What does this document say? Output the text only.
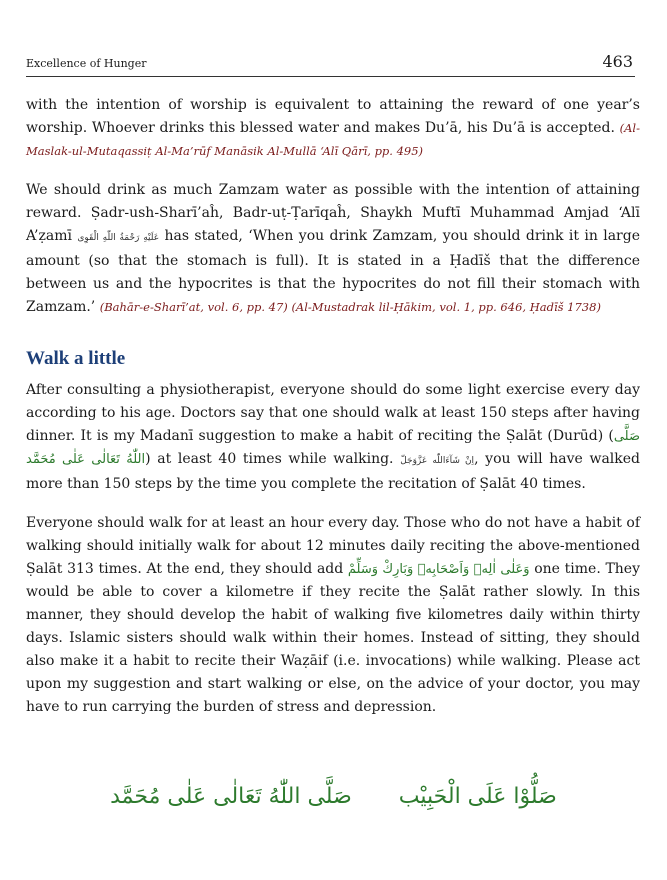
Excellence of Hunger	463

with the intention of worship is equivalent to attaining the reward of one year’s worship. Whoever drinks this blessed water and makes Du’ā, his Du’ā is accepted. (Al-Maslak-ul-Mutaqassiṭ Al-Ma’rūf Manāsik Al-Mullā ‘Alī Qārī, pp. 495)

We should drink as much Zamzam water as possible with the intention of attaining reward. Ṣadr-ush-Sharī’aĥ, Badr-uṭ-Ṭarīqaĥ, Shaykh Muftī Muhammad Amjad ‘Alī A’ẓamī عَلَيْهِ رَحْمَةُ اللّٰهِ الْقَوِى has stated, ‘When you drink Zamzam, you should drink it in large amount (so that the stomach is full). It is stated in a Ḥadīš that the difference between us and the hypocrites is that the hypocrites do not fill their stomach with Zamzam.’ (Bahār-e-Sharī’at, vol. 6, pp. 47) (Al-Mustadrak lil-Ḥākim, vol. 1, pp. 646, Ḥadīš 1738)

Walk a little

After consulting a physiotherapist, everyone should do some light exercise every day according to his age. Doctors say that one should walk at least 150 steps after having dinner. It is my Madanī suggestion to make a habit of reciting the Ṣalāt (Durūd) (صَلَّى اللّٰهُ تَعَالٰى عَلٰى مُحَمَّد) at least 40 times while walking. اِنْ شَآءَاللّٰه عَزَّوَجَلّ, you will have walked more than 150 steps by the time you complete the recitation of Ṣalāt 40 times.

Everyone should walk for at least an hour every day. Those who do not have a habit of walking should initially walk for about 12 minutes daily reciting the above-mentioned Ṣalāt 313 times. At the end, they should add وَعَلٰى اٰلِهٖ وَاَصْحَابِهٖ وَبَارِكْ وَسَلِّمْ one time. They would be able to cover a kilometre if they recite the Ṣalāt rather slowly. In this manner, they should develop the habit of walking five kilometres daily within thirty days. Islamic sisters should walk within their homes. Instead of sitting, they should also make it a habit to recite their Waẓāif (i.e. invocations) while walking. Please act upon my suggestion and start walking or else, on the advice of your doctor, you may have to run carrying the burden of stress and depression.

صَلُّوْا عَلَى الْحَبِيْب صَلَّى اللّٰهُ تَعَالٰى عَلٰى مُحَمَّد
